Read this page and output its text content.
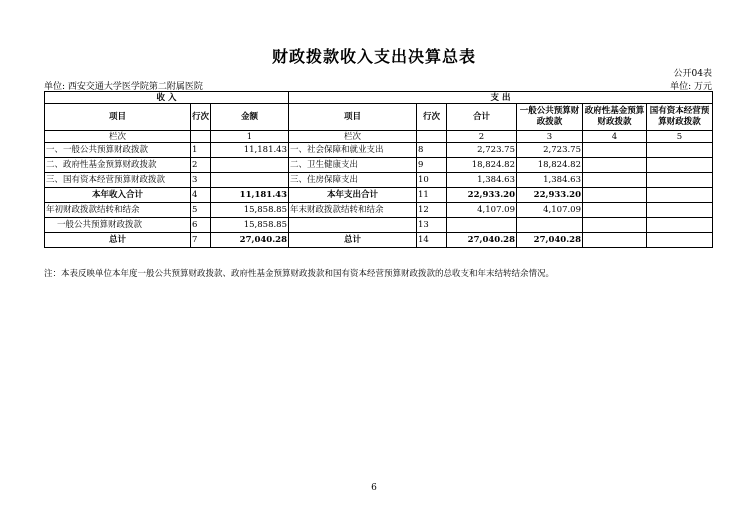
财政拨款收入支出决算总表
公开04表
单位: 西安交通大学医学院第二附属医院	单位: 万元
收 入			支 出					
项目	行次	金额	项目	行次	合计	一般公共预算财政拨款	政府性基金预算财政拨款	国有资本经营预算财政拨款
栏次		1	栏次		2	3	4	5
一、一般公共预算财政拨款	1	11,181.43	一、社会保障和就业支出	8	2,723.75	2,723.75		
二、政府性基金预算财政拨款	2		二、卫生健康支出	9	18,824.82	18,824.82		
三、国有资本经营预算财政拨款	3		三、住房保障支出	10	1,384.63	1,384.63		
本年收入合计	4	11,181.43	本年支出合计	11	22,933.20	22,933.20		
年初财政拨款结转和结余	5	15,858.85	年末财政拨款结转和结余	12	4,107.09	4,107.09		
一般公共预算财政拨款	6	15,858.85		13				
总计	7	27,040.28	总计	14	27,040.28	27,040.28		
注：本表反映单位本年度一般公共预算财政拨款、政府性基金预算财政拨款和国有资本经营预算财政拨款的总收支和年末结转结余情况。
6
